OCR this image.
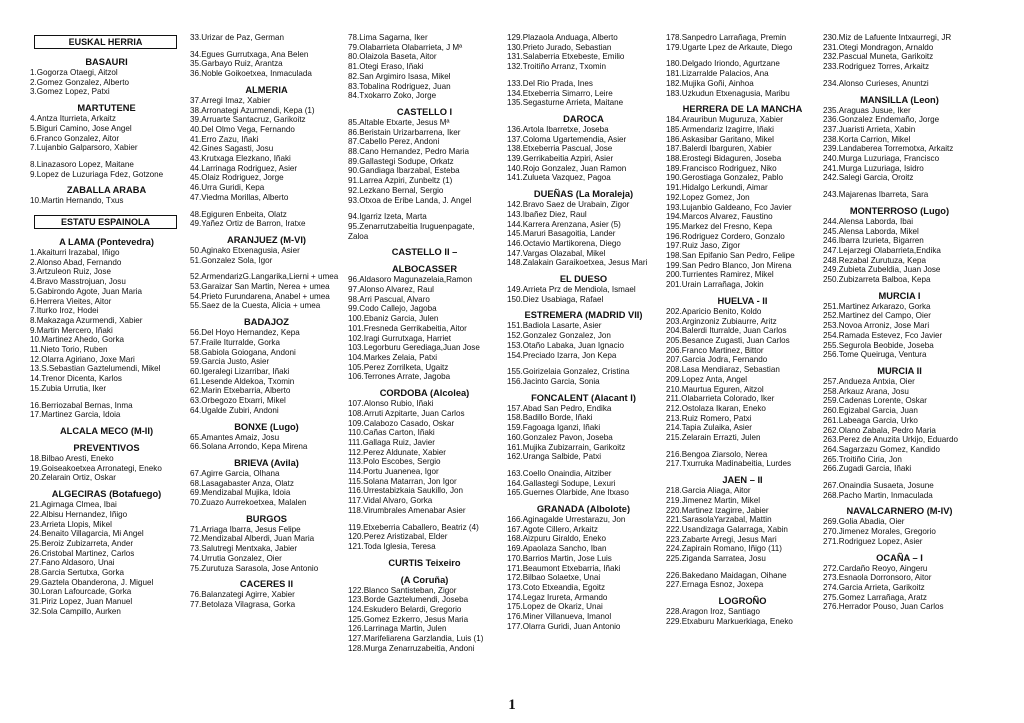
EUSKAL HERRIA
BASAURI
1.Gogorza Otaegi, Aitzol
2.Gomez Gonzalez, Alberto
3.Gomez Lopez, Patxi
MARTUTENE
4.Antza Iturrieta, Arkaitz
5.Biguri Camino, Jose Angel
6.Franco Gonzalez, Aitor
7.Lujanbio Galparsoro, Xabier
8.Linazasoro Lopez, Maitane
9.Lopez de Luzuriaga Fdez, Gotzone
ZABALLA ARABA
10.Martin Hernando, Txus
ESTATU ESPAINOLA
A LAMA (Pontevedra)
1.Akaiturri Irazabal, Iñigo
2.Alonso Abad, Fernando
3.Artzuleon Ruiz, Jose
4.Bravo Masstrojuan, Josu
5.Gabirondo Agote, Juan Maria
6.Herrera Vieites, Aitor
7.Iturko Iroz, Hodei
8.Makazaga Azurmendi, Xabier
9.Martin Mercero, Iñaki
10.Martinez Ahedo, Gorka
11.Nieto Torio, Ruben
12.Olarra Agiriano, Joxe Mari
13.S.Sebastian Gaztelumendi, Mikel
14.Trenor Dicenta, Karlos
15.Zubia Urrutia, Iker
16.Berriozabal Bernas, Inma
17.Martinez Garcia, Idoia
ALCALA MECO (M-II)
PREVENTIVOS
18.Bilbao Aresti, Eneko
19.Goiseakoetxea Arronategi, Eneko
20.Zelarain Ortiz, Oskar
ALGECIRAS (Botafuego)
21.Agirnaga Clmea, Ibai
22.Albisu Hernandez, Iñigo
23.Arrieta Llopis, Mikel
24.Benaito Villagarcia, Mi Angel
25.Beroiz Zubizarreta, Ander
26.Cristobal Martinez, Carlos
27.Fano Aldasoro, Unai
28.Garcia Sertutxa, Gorka
29.Gaztela Obanderona, J. Miguel
30.Loran Lafourcade, Gorka
31.Piriz Lopez, Juan Manuel
32.Sola Campillo, Aurken
33.Urizar de Paz, German
34.Egues Gurrutxaga, Ana Belen
35.Garbayo Ruiz, Arantza
36.Noble Goikoetxea, Inmaculada
ALMERIA
37.Arregi Imaz, Xabier
38.Arronategi Azurmendi, Kepa (1)
39.Arruarte Santacruz, Garikoitz
40.Del Olmo Vega, Fernando
41.Erro Zazu, Iñaki
42.Gines Sagasti, Josu
43.Krutxaga Elezkano, Iñaki
44.Larrinaga Rodriguez, Asier
45.Olaiz Rodriguez, Jorge
46.Urra Guridi, Kepa
47.Viedma Morillas, Alberto
48.Egiguren Enbeita, Olatz
49.Yañez Ortiz de Barron, Iratxe
ARANJUEZ (M-VI)
50.Aginako Etxenagusia, Asier
51.Gonzalez Sola, Igor
52.ArmendarizG.Langarika,Lierni + umea
53.Garaizar San Martin, Nerea + umea
54.Prieto Furundarena, Anabel + umea
55.Saez de la Cuesta, Alicia + umea
BADAJOZ
56.Del Hoyo Hernandez, Kepa
57.Fraile Iturralde, Gorka
58.Gabiola Goiogana, Andoni
59.Garcia Justo, Asier
60.Igeralegi Lizarribar, Iñaki
61.Lesende Aldekoa, Txomin
62.Marin Etxebarria, Alberto
63.Orbegozo Etxarri, Mikel
64.Ugalde Zubiri, Andoni
BONXE (Lugo)
65.Amantes Amaiz, Josu
66.Solana Arrondo, Kepa Mirena
BRIEVA (Avila)
67.Agirre Garcia, Olhana
68.Lasagabaster Anza, Olatz
69.Mendizabal Mujika, Idoia
70.Zuazo Aurrekoetxea, Malalen
BURGOS
71.Arriaga Ibarra, Jesus Felipe
72.Mendizabal Alberdi, Juan Maria
73.Salutregi Mentxaka, Jabier
74.Urrutia Gonzalez, Oier
75.Zurutuza Sarasola, Jose Antonio
CACERES II
76.Balanzategi Agirre, Xabier
77.Betolaza Vilagrasa, Gorka
78.Lima Sagarna, Iker
79.Olabarrieta Olabarrieta, J Mª
80.Olaizola Baseta, Aitor
81.Otegi Eraso, Iñaki
82.San Argimiro Isasa, Mikel
83.Tobalina Rodriguez, Juan
84.Txokarro Zoko, Jorge
CASTELLO I
85.Altable Etxarte, Jesus Mª
86.Beristain Urizarbarrena, Iker
87.Cabello Perez, Andoni
88.Cano Hernandez, Pedro Maria
89.Gallastegi Sodupe, Orkatz
90.Gandiaga Ibarzabal, Esteba
91.Larrea Azpiri, Zunbeltz (1)
92.Lezkano Bernal, Sergio
93.Otxoa de Eribe Landa, J. Angel
94.Igarriz Izeta, Marta
95.Zenarrutzabeitia Iruguenpagate,
Zaloa
CASTELLO II –
ALBOCASSER
96.Aldasoro Magunazelaia,Ramon
97.Alonso Alvarez, Raul
98.Arri Pascual, Alvaro
99.Codo Callejo, Jagoba
100.Ebaniz Garcia, Julen
101.Fresneda Gerrikabeitia, Aitor
102.Iragi Gurrutxaga, Harriet
103.Legorburu Gerediaga,Juan Jose
104.Markes Zelaia, Patxi
105.Perez Zorrilketa, Ugaitz
106.Terrones Arrate, Jagoba
CORDOBA (Alcolea)
107.Alonso Rubio, Iñaki
108.Arruti Azpitarte, Juan Carlos
109.Calabozo Casado, Oskar
110.Cañas Carton, Iñaki
111.Gallaga Ruiz, Javier
112.Perez Aldunate, Xabier
113.Polo Escobes, Sergio
114.Portu Juanenea, Igor
115.Solana Matarran, Jon Igor
116.Urrestabizkaia Saukillo, Jon
117.Vidal Alvaro, Gorka
118.Virumbrales Amenabar Asier
119.Etxeberria Caballero, Beatriz (4)
120.Perez Aristizabal, Elder
121.Toda Iglesia, Teresa
CURTIS Teixeiro
(A Coruña)
122.Blanco Santisteban, Zigor
123.Borde Gaztelumendi, Joseba
124.Eskudero Belardi, Gregorio
125.Gomez Ezkerro, Jesus Maria
126.Larrinaga Martin, Julen
127.Marifeliarena Garzlandia, Luis (1)
128.Murga Zenarruzabeitia, Andoni
129.Plazaola Anduaga, Alberto
130.Prieto Jurado, Sebastian
131.Salaberria Etxebeste, Emilio
132.Troitiño Arranz, Txomin
133.Del Rio Prada, Ines
134.Etxeberria Simarro, Leire
135.Segasturne Arrieta, Maitane
DAROCA
136.Artola Ibarretxe, Joseba
137.Coloma Ugartemendia, Asier
138.Etxeberria Pascual, Jose
139.Gerrikabeitia Azpiri, Asier
140.Rojo Gonzalez, Juan Ramon
141.Zulueta Vazquez, Pagoa
DUEÑAS (La Moraleja)
142.Bravo Saez de Urabain, Zigor
143.Ibañez Diez, Raul
144.Karrera Arenzana, Asier (5)
145.Maruri Basagoitia, Lander
146.Octavio Martikorena, Diego
147.Vargas Olazabal, Mikel
148.Zalakain Garaikoetxea, Jesus Mari
EL DUESO
149.Arrieta Prz de Mendiola, Ismael
150.Diez Usabiaga, Rafael
ESTREMERA (MADRID VII)
151.Badiola Lasarte, Asier
152.Gonzalez Gonzalez, Jon
153.Otaño Labaka, Juan Ignacio
154.Preciado Izarra, Jon Kepa
155.Goirizelaia Gonzalez, Cristina
156.Jacinto Garcia, Sonia
FONCALENT (Alacant I)
157.Abad San Pedro, Endika
158.Badillo Borde, Iñaki
159.Fagoaga Iganzi, Iñaki
160.Gonzalez Pavon, Joseba
161.Mujika Zubizarrain, Garikoitz
162.Uranga Salbide, Patxi
163.Coello Onaindia, Aitziber
164.Gallastegi Sodupe, Lexuri
165.Guernes Olarbide, Ane Itxaso
GRANADA (Albolote)
166.Aginagalde Urrestarazu, Jon
167.Agote Cillero, Arkaitz
168.Aizpuru Giraldo, Eneko
169.Apaolaza Sancho, Iban
170.Barrios Martin, Jose Luis
171.Beaumont Etxebarria, Iñaki
172.Bilbao Solaetxe, Unai
173.Coto Etxeandia, Egoitz
174.Legaz Irureta, Armando
175.Lopez de Okariz, Unai
176.Miner Villanueva, Imanol
177.Olarra Guridi, Juan Antonio
178.Sanpedro Larrañaga, Premin
179.Ugarte Lpez de Arkaute, Diego
180.Delgado Iriondo, Agurtzane
181.Lizarralde Palacios, Ana
182.Mujika Goñi, Ainhoa
183.Uzkudun Etxenagusia, Maribu
HERRERA DE LA MANCHA
184.Arauribun Muguruza, Xabier
185.Armendariz Izagirre, Iñaki
186.Askasibar Garitano, Mikel
187.Balerdi Ibarguren, Xabier
188.Erostegi Bidaguren, Joseba
189.Francisco Rodriguez, Niko
190.Gerostiaga Gonzalez, Pablo
191.Hidalgo Lerkundi, Aimar
192.Lopez Gomez, Jon
193.Lujanbio Galdeano, Fco Javier
194.Marcos Alvarez, Faustino
195.Markez del Fresno, Kepa
196.Rodriguez Cordero, Gonzalo
197.Ruiz Jaso, Zigor
198.San Epifanio San Pedro, Felipe
199.San Pedro Blanco, Jon Mirena
200.Turrientes Ramirez, Mikel
201.Urain Larrañaga, Jokin
HUELVA - II
202.Aparicio Benito, Koldo
203.Arginzoniz Zubiaurre, Aritz
204.Balerdi Iturralde, Juan Carlos
205.Besance Zugasti, Juan Carlos
206.Franco Martinez, Bittor
207.Garcia Jodra, Fernando
208.Lasa Mendiaraz, Sebastian
209.Lopez Anta, Angel
210.Maurtua Eguren, Aitzol
211.Olabarrieta Colorado, Iker
212.Ostolaza Ikaran, Eneko
213.Ruiz Romero, Patxi
214.Tapia Zulaika, Asier
215.Zelarain Errazti, Julen
216.Bengoa Ziarsolo, Nerea
217.Txurruka Madinabeitia, Lurdes
JAEN – II
218.Garcia Aliaga, Aitor
219.Jimenez Martin, Mikel
220.Martinez Izagirre, Jabier
221.SarasolaYarzabal, Mattin
222.Usandizaga Galarraga, Xabin
223.Zabarte Arregi, Jesus Mari
224.Zapirain Romano, Iñigo (11)
225.Ziganda Sarratea, Josu
226.Bakedano Maidagan, Oihane
227.Ernaga Esnoz, Joxepa
LOGROÑO
228.Aragon Iroz, Santiago
229.Etxaburu Markuerkiaga, Eneko
230.Miz de Lafuente Intxaurregi, JR
231.Otegi Mondragon, Arnaldo
232.Pascual Muneta, Garikoitz
233.Rodriguez Torres, Arkaitz
234.Alonso Curieses, Anuntzi
MANSILLA (Leon)
235.Araguas Jusue, Iker
236.Gonzalez Endemaño, Jorge
237.Juaristi Arrieta, Xabin
238.Korta Carrion, Mikel
239.Landaberea Torremotxa, Arkaitz
240.Murga Luzuriaga, Francisco
241.Murga Luzuriaga, Isidro
242.Salegi Garcia, Oroitz
243.Majarenas Ibarreta, Sara
MONTERROSO (Lugo)
244.Alensa Laborda, Ibai
245.Alensa Laborda, Mikel
246.Ibarra Izurieta, Bigarren
247.Lejarzegi Olabarrieta,Endika
248.Rezabal Zurutuza, Kepa
249.Zubieta Zubeldia, Juan Jose
250.Zubizarreta Balboa, Kepa
MURCIA I
251.Martinez Arkarazo, Gorka
252.Martinez del Campo, Oier
253.Novoa Arroniz, Jose Mari
254.Ramada Estevez, Fco Javier
255.Segurola Beobide, Joseba
256.Tome Queiruga, Ventura
MURCIA II
257.Andueza Antxia, Oier
258.Arkauz Arana, Josu
259.Cadenas Lorente, Oskar
260.Egizabal Garcia, Juan
261.Labeaga Garcia, Urko
262.Olano Zabala, Pedro Maria
263.Perez de Anuzita Urkijo, Eduardo
264.Sagarzazu Gomez, Kandido
265.Troitiño Ciria, Jon
266.Zugadi Garcia, Iñaki
267.Onaindia Susaeta, Josune
268.Pacho Martin, Inmaculada
NAVALCARNERO (M-IV)
269.Golia Abadia, Oier
270.Jimenez Morales, Gregorio
271.Rodriguez Lopez, Asier
OCAÑA – I
272.Cardaño Reoyo, Aingeru
273.Esnaola Dorronsoro, Aitor
274.Garcia Arrieta, Garikoitz
275.Gomez Larrañaga, Aratz
276.Herrador Pouso, Juan Carlos
1
